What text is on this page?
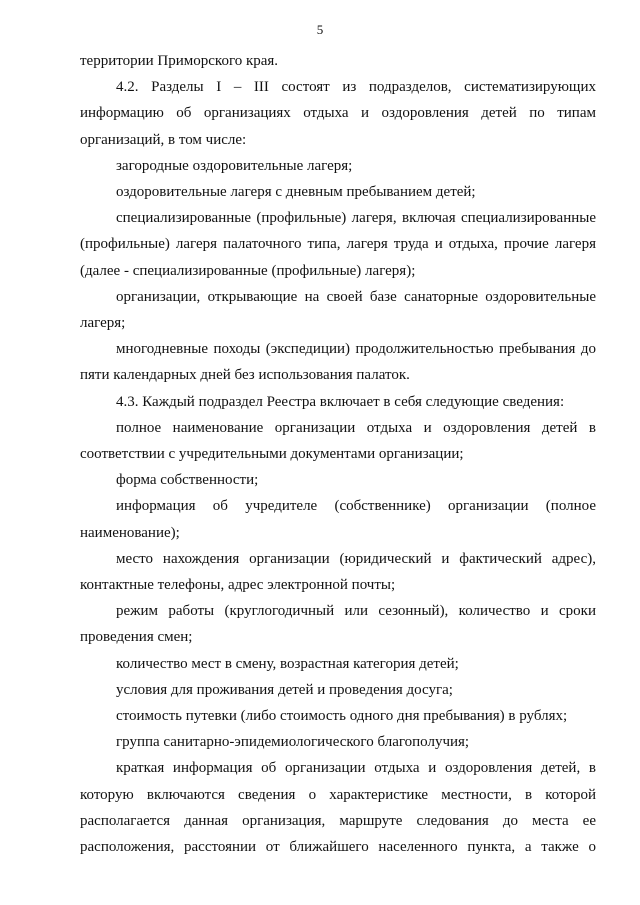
5

территории Приморского края.

4.2. Разделы I – III состоят из подразделов, систематизирующих информацию об организациях отдыха и оздоровления детей по типам организаций, в том числе:

загородные оздоровительные лагеря;

оздоровительные лагеря с дневным пребыванием детей;

специализированные (профильные) лагеря, включая специализированные (профильные) лагеря палаточного типа, лагеря труда и отдыха, прочие лагеря (далее - специализированные (профильные) лагеря);

организации, открывающие на своей базе санаторные оздоровительные лагеря;

многодневные походы (экспедиции) продолжительностью пребывания до пяти календарных дней без использования палаток.

4.3. Каждый подраздел Реестра включает в себя следующие сведения:

полное наименование организации отдыха и оздоровления детей в соответствии с учредительными документами организации;

форма собственности;

информация об учредителе (собственнике) организации (полное наименование);

место нахождения организации (юридический и фактический адрес), контактные телефоны, адрес электронной почты;

режим работы (круглогодичный или сезонный), количество и сроки проведения смен;

количество мест в смену, возрастная категория детей;

условия для проживания детей и проведения досуга;

стоимость путевки (либо стоимость одного дня пребывания) в рублях;

группа санитарно-эпидемиологического благополучия;

краткая информация об организации отдыха и оздоровления детей, в которую включаются сведения о характеристике местности, в которой располагается данная организация, маршруте следования до места ее расположения, расстоянии от ближайшего населенного пункта, а также о
